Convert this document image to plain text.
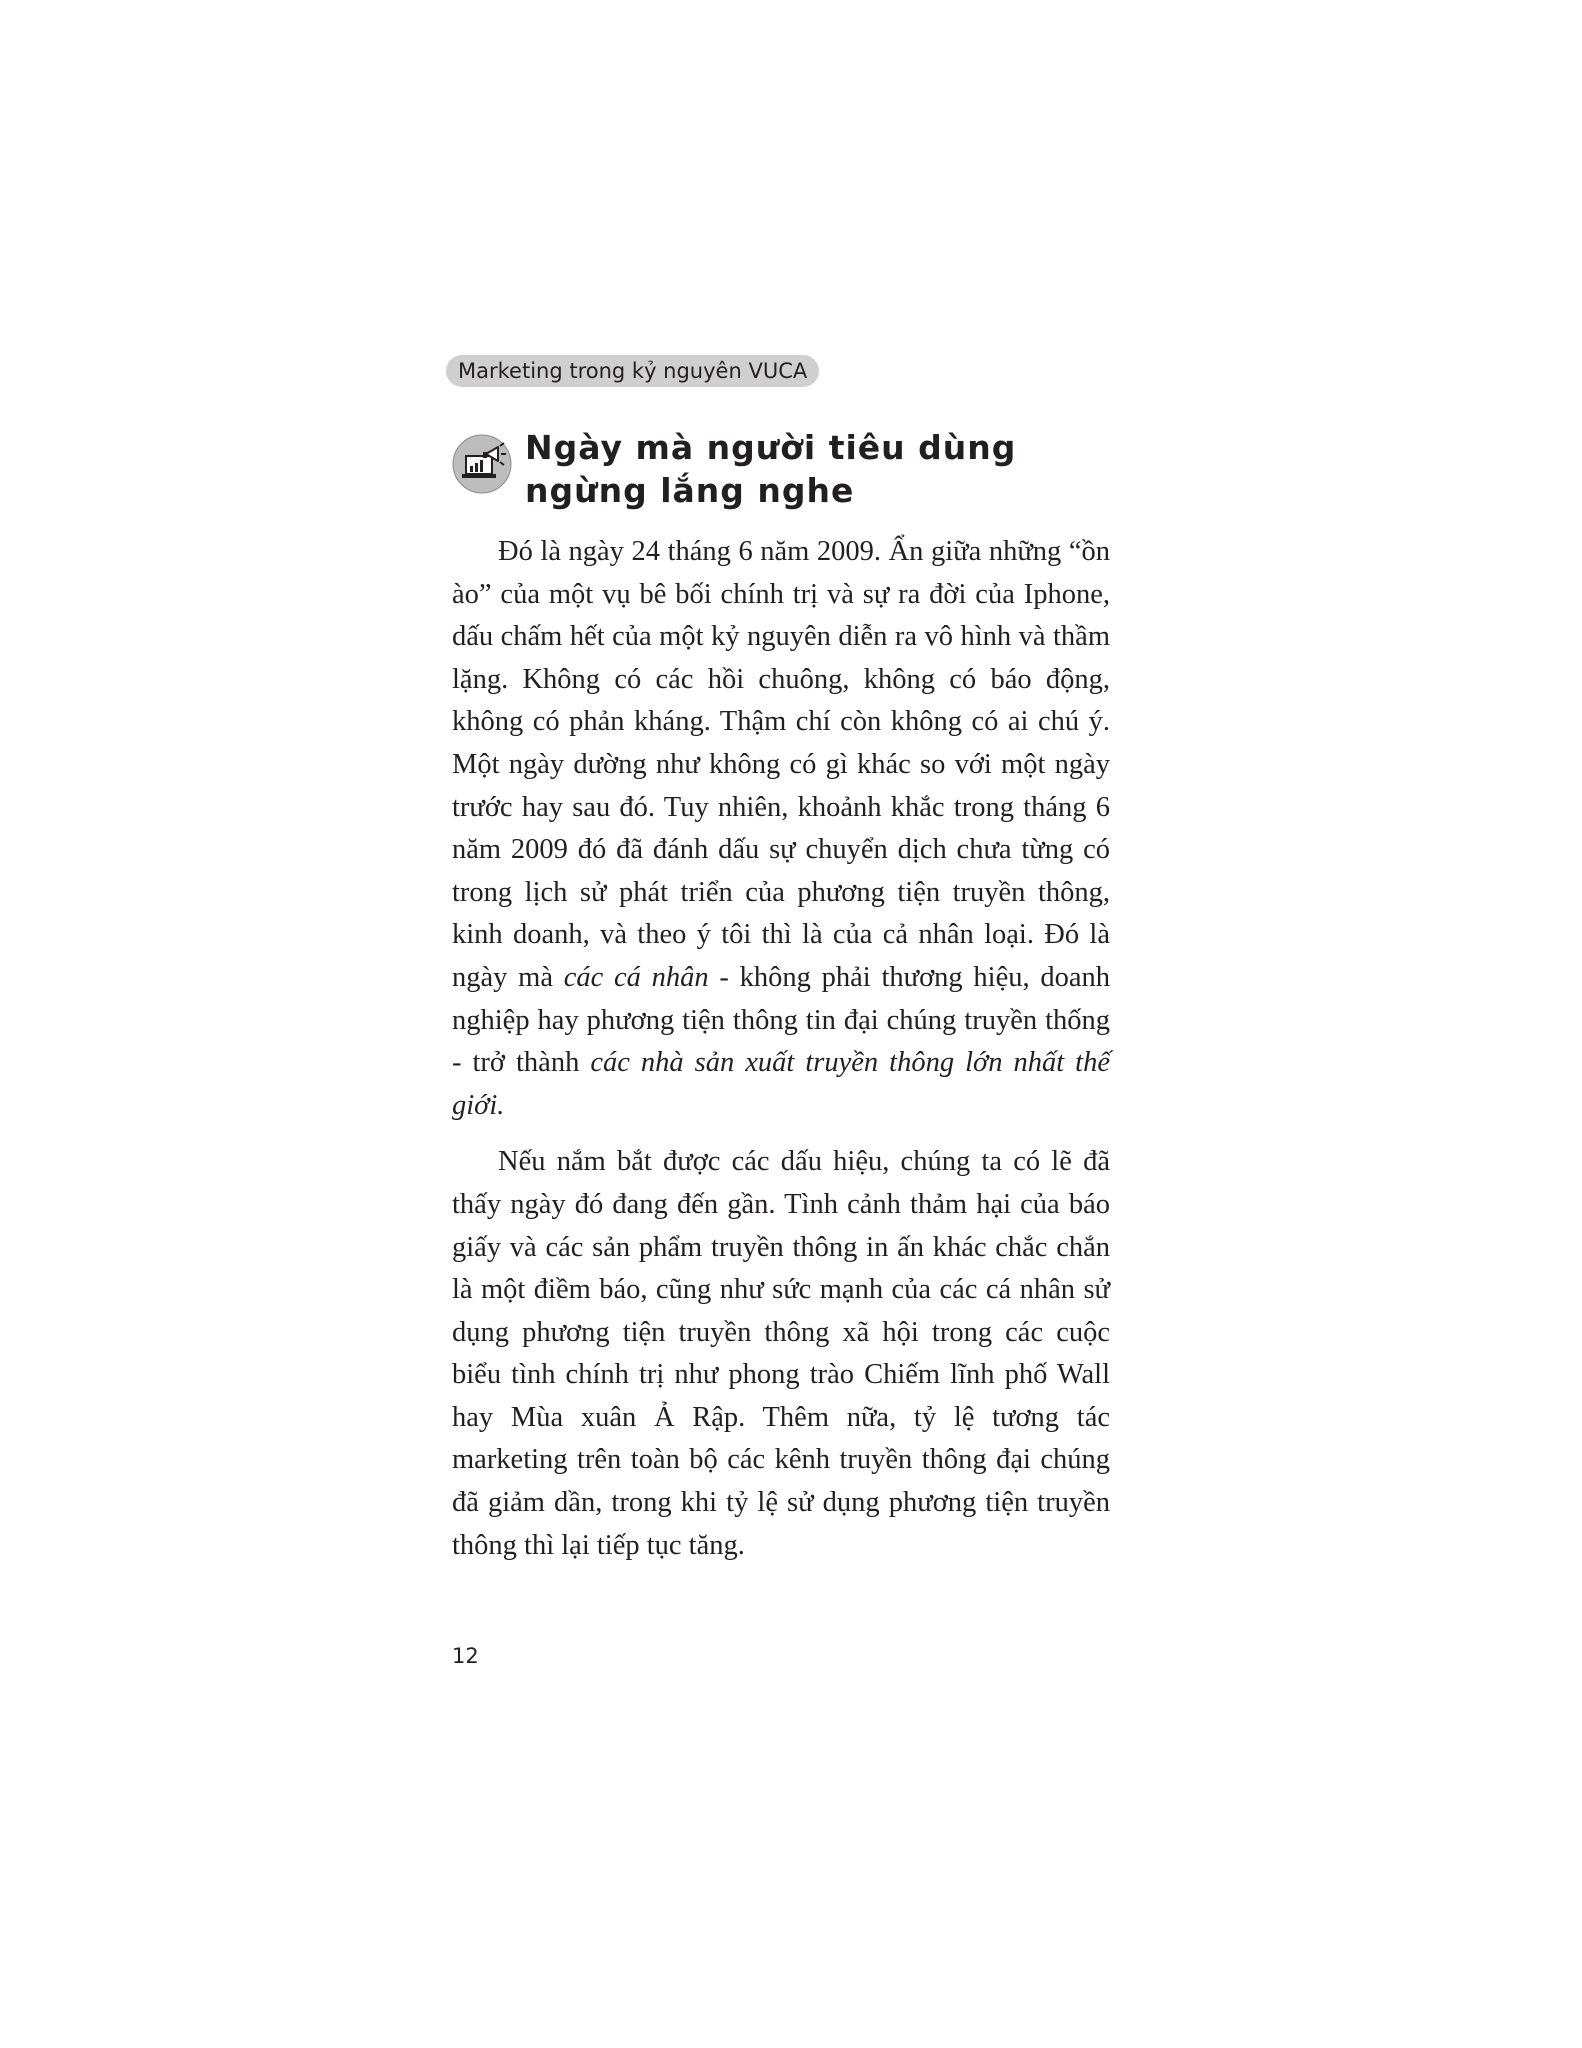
Marketing trong kỷ nguyên VUCA
Ngày mà người tiêu dùng ngừng lắng nghe

Đó là ngày 24 tháng 6 năm 2009. Ẩn giữa những “ồn ào” của một vụ bê bối chính trị và sự ra đời của Iphone, dấu chấm hết của một kỷ nguyên diễn ra vô hình và thầm lặng. Không có các hồi chuông, không có báo động, không có phản kháng. Thậm chí còn không có ai chú ý. Một ngày dường như không có gì khác so với một ngày trước hay sau đó. Tuy nhiên, khoảnh khắc trong tháng 6 năm 2009 đó đã đánh dấu sự chuyển dịch chưa từng có trong lịch sử phát triển của phương tiện truyền thông, kinh doanh, và theo ý tôi thì là của cả nhân loại. Đó là ngày mà các cá nhân - không phải thương hiệu, doanh nghiệp hay phương tiện thông tin đại chúng truyền thống - trở thành các nhà sản xuất truyền thông lớn nhất thế giới.

Nếu nắm bắt được các dấu hiệu, chúng ta có lẽ đã thấy ngày đó đang đến gần. Tình cảnh thảm hại của báo giấy và các sản phẩm truyền thông in ấn khác chắc chắn là một điềm báo, cũng như sức mạnh của các cá nhân sử dụng phương tiện truyền thông xã hội trong các cuộc biểu tình chính trị như phong trào Chiếm lĩnh phố Wall hay Mùa xuân Ả Rập. Thêm nữa, tỷ lệ tương tác marketing trên toàn bộ các kênh truyền thông đại chúng đã giảm dần, trong khi tỷ lệ sử dụng phương tiện truyền thông thì lại tiếp tục tăng.

12
